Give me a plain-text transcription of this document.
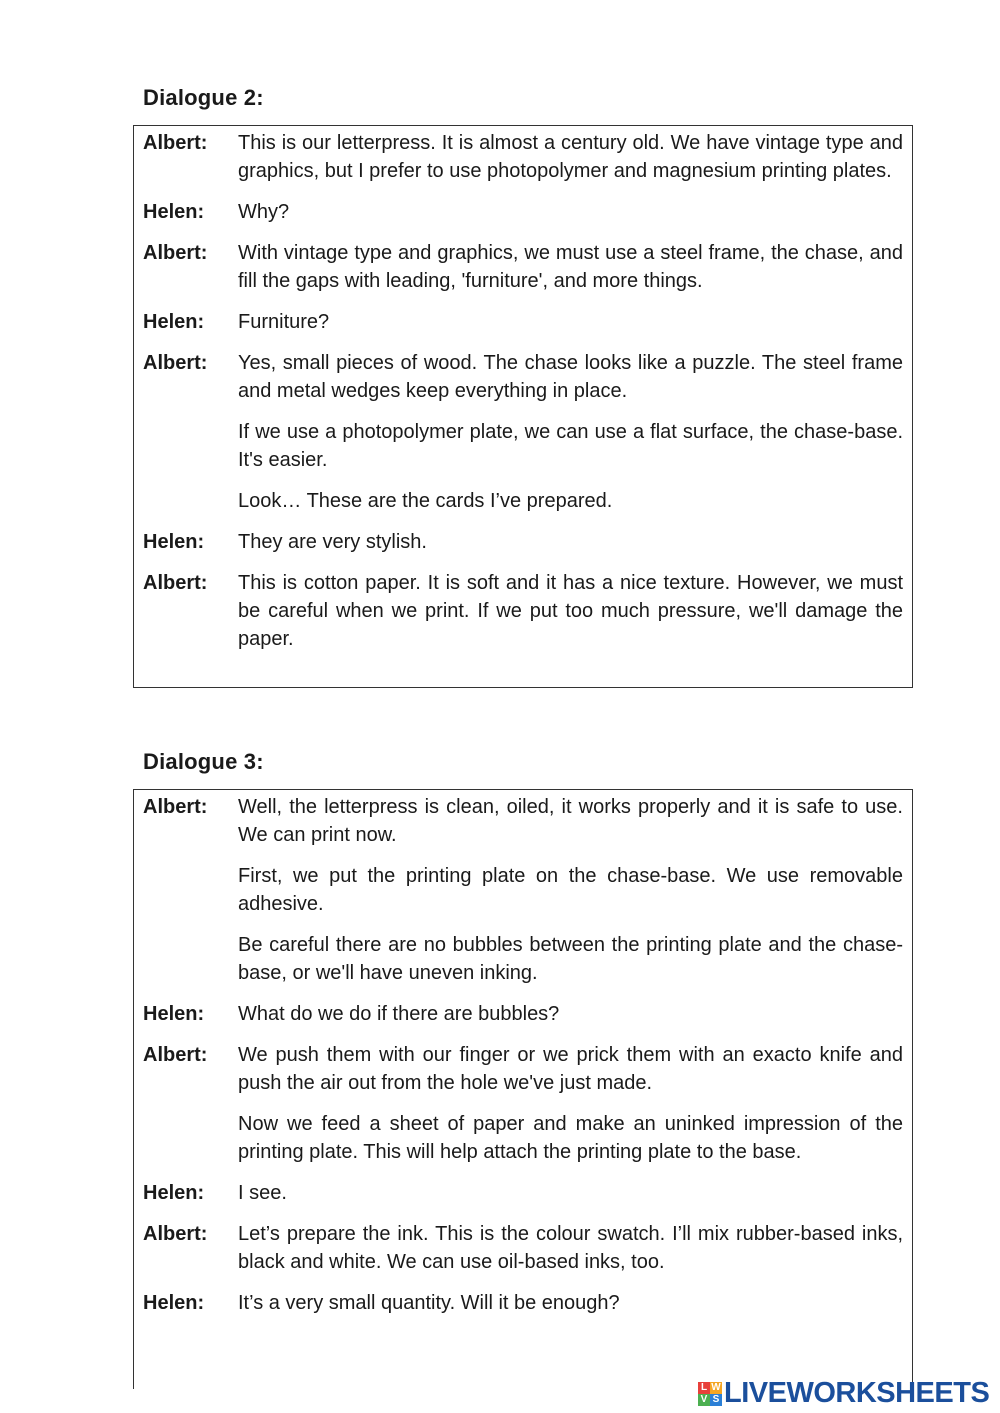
Dialogue 2:
Albert:	This is our letterpress. It is almost a century old. We have vintage type and graphics, but I prefer to use photopolymer and magnesium printing plates.
Helen:	Why?
Albert:	With vintage type and graphics, we must use a steel frame, the chase, and fill the gaps with leading, 'furniture', and more things.
Helen:	Furniture?
Albert:	Yes, small pieces of wood. The chase looks like a puzzle. The steel frame and metal wedges keep everything in place.
If we use a photopolymer plate, we can use a flat surface, the chase-base. It's easier.
Look… These are the cards I’ve prepared.
Helen:	They are very stylish.
Albert:	This is cotton paper. It is soft and it has a nice texture. However, we must be careful when we print. If we put too much pressure, we'll damage the paper.
Dialogue 3:
Albert:	Well, the letterpress is clean, oiled, it works properly and it is safe to use. We can print now.
First, we put the printing plate on the chase-base. We use removable adhesive.
Be careful there are no bubbles between the printing plate and the chase-base, or we'll have uneven inking.
Helen:	What do we do if there are bubbles?
Albert:	We push them with our finger or we prick them with an exacto knife and push the air out from the hole we've just made.
Now we feed a sheet of paper and make an uninked impression of the printing plate. This will help attach the printing plate to the base.
Helen:	I see.
Albert:	Let’s prepare the ink. This is the colour swatch. I’ll mix rubber-based inks, black and white. We can use oil-based inks, too.
Helen:	It’s a very small quantity. Will it be enough?
L W
V S LIVEWORKSHEETS
